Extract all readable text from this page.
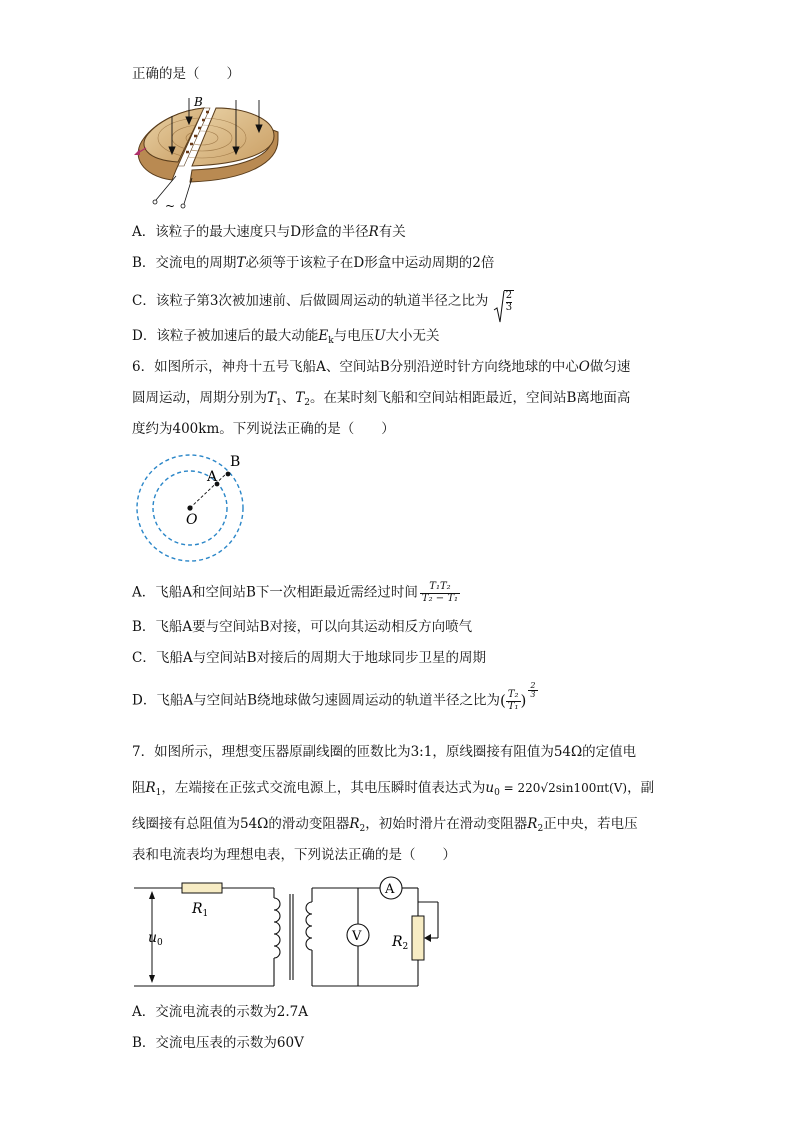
正确的是（　　）
B
~
A．该粒子的最大速度只与D形盒的半径R有关
B．交流电的周期T必须等于该粒子在D形盒中运动周期的2倍
C．该粒子第3次被加速前、后做圆周运动的轨道半径之比为 $\frac{2}{3}$
D．该粒子被加速后的最大动能$E_k$与电压U大小无关
6．如图所示，神舟十五号飞船A、空间站B分别沿逆时针方向绕地球的中心O做匀速
圆周运动，周期分别为$T_1$、$T_2$。在某时刻飞船和空间站相距最近，空间站B离地面高
度约为400km。下列说法正确的是（　　）
A
B
O
A．飞船A和空间站B下一次相距最近需经过时间 $\frac{\text{T₁T₂}}{\text{T₂ − T₁}}$
B．飞船A要与空间站B对接，可以向其运动相反方向喷气
C．飞船A与空间站B对接后的周期大于地球同步卫星的周期
D．飞船A与空间站B绕地球做匀速圆周运动的轨道半径之比为( $\frac{\text{T₂}}{\text{T₁}}$ )
$\frac{2}{3}$
7．如图所示，理想变压器原副线圈的匝数比为3:1，原线圈接有阻值为54Ω的定值电
阻$R_1$，左端接在正弦式交流电源上，其电压瞬时值表达式为$u_0 = 220√2\sin 100\pi t(V)$，副
线圈接有总阻值为54Ω的滑动变阻器$R_2$，初始时滑片在滑动变阻器$R_2$正中央，若电压
表和电流表均为理想电表，下列说法正确的是（　　）
A
V
$R_1$
$u_0$	$R_2$
A．交流电流表的示数为2.7A
B．交流电压表的示数为60V
